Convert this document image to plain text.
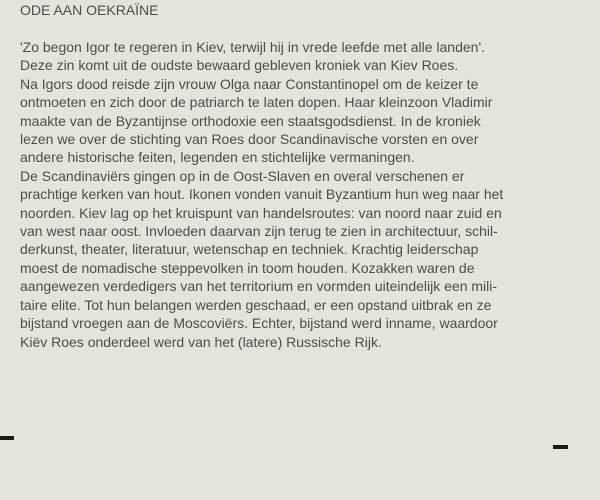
ODE AAN OEKRAÏNE
'Zo begon Igor te regeren in Kiev, terwijl hij in vrede leefde met alle landen'.
Deze zin komt uit de oudste bewaard gebleven kroniek van Kiev Roes.
Na Igors dood reisde zijn vrouw Olga naar Constantinopel om de keizer te
ontmoeten en zich door de patriarch te laten dopen. Haar kleinzoon Vladimir
maakte van de Byzantijnse orthodoxie een staatsgodsdienst. In de kroniek
lezen we over de stichting van Roes door Scandinavische vorsten en over
andere historische feiten, legenden en stichtelijke vermaningen.
De Scandinaviërs gingen op in de Oost-Slaven en overal verschenen er
prachtige kerken van hout. Ikonen vonden vanuit Byzantium hun weg naar het
noorden. Kiev lag op het kruispunt van handelsroutes: van noord naar zuid en
van west naar oost. Invloeden daarvan zijn terug te zien in architectuur, schil-
derkunst, theater, literatuur, wetenschap en techniek. Krachtig leiderschap
moest de nomadische steppevolken in toom houden. Kozakken waren de
aangewezen verdedigers van het territorium en vormden uiteindelijk een mili-
taire elite. Tot hun belangen werden geschaad, er een opstand uitbrak en ze
bijstand vroegen aan de Moscoviërs. Echter, bijstand werd inname, waardoor
Kiëv Roes onderdeel werd van het (latere) Russische Rijk.
